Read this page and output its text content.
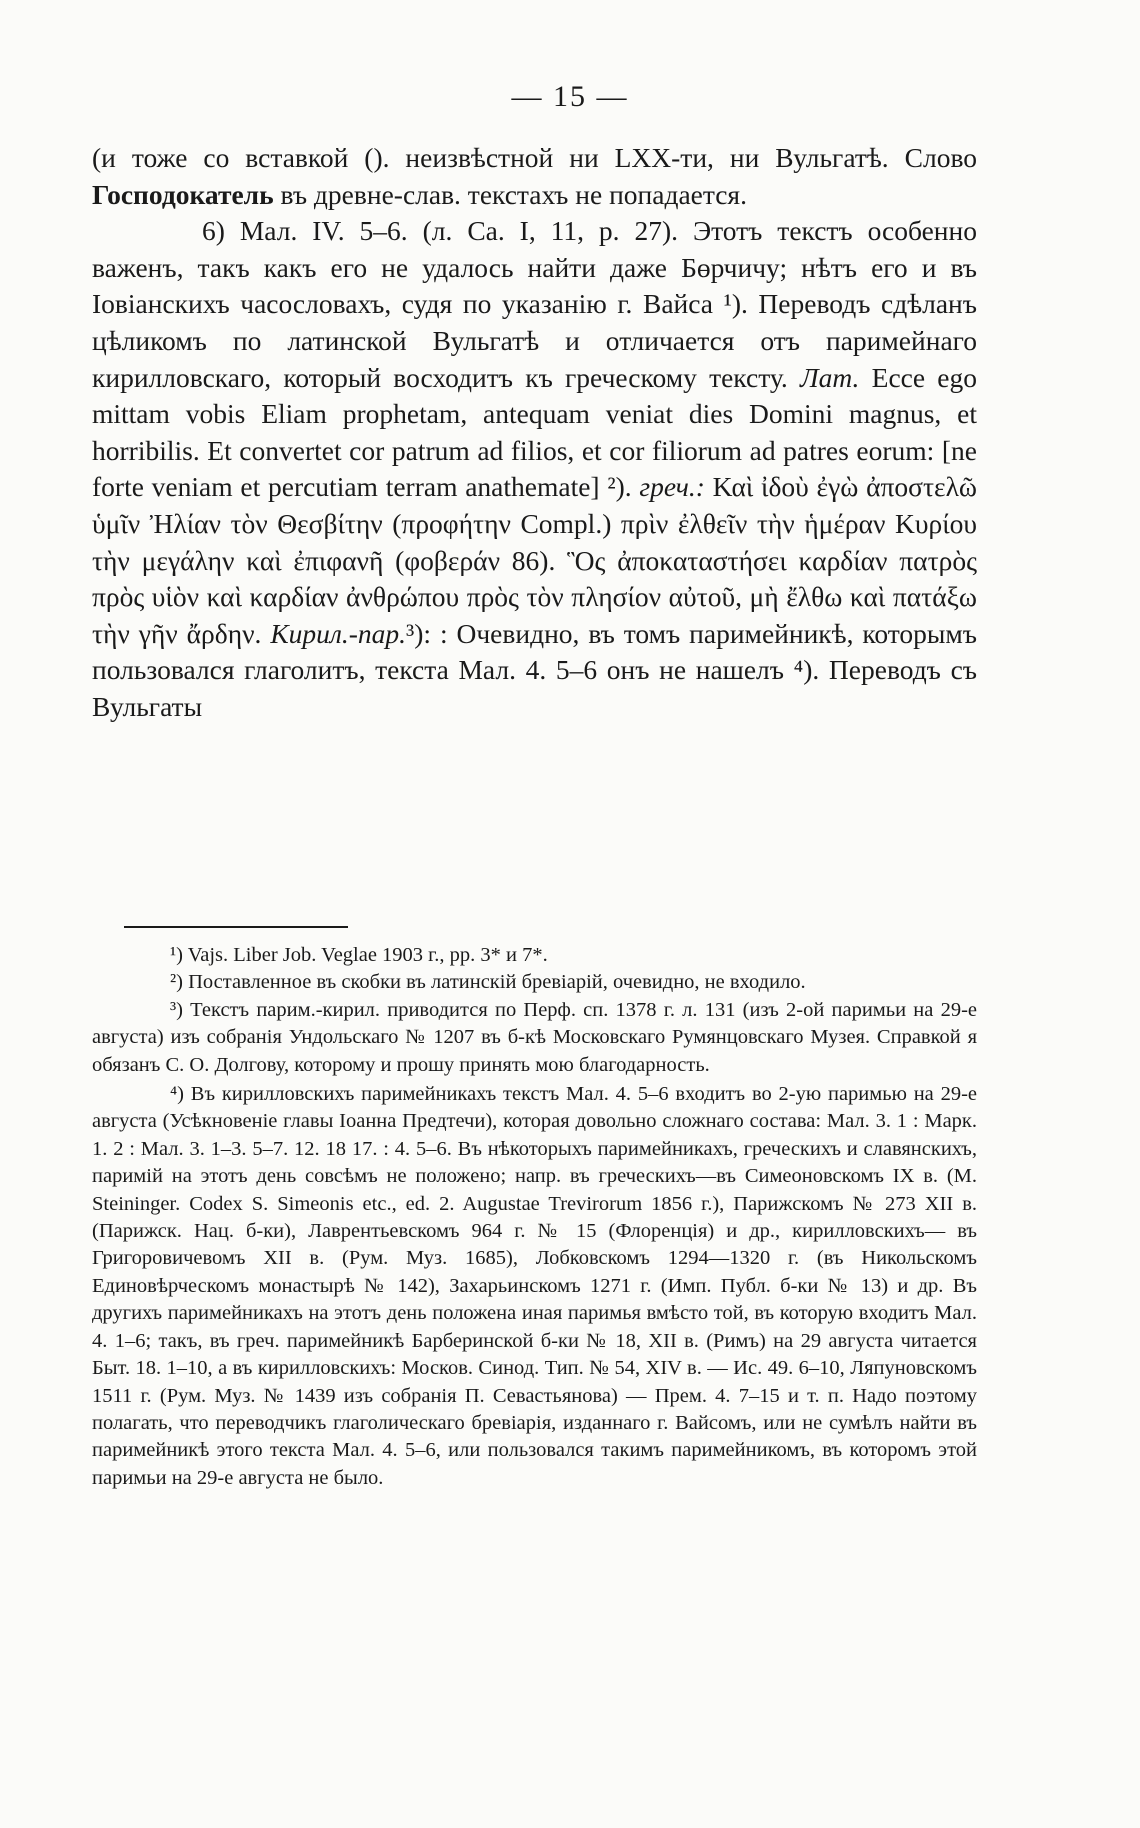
— 15 —

(и тоже со вставкой (). неизвѣстной ни LXX-ти, ни Вульгатѣ. Слово Господокатель въ древне-слав. текстахъ не попадается.

6) Мал. IV. 5–6. (л. Са. I, 11, р. 27). Этотъ текстъ особенно важенъ, такъ какъ его не удалось найти даже Бөрчичу; нѣтъ его и въ Іовіанскихъ часословахъ, судя по указанію г. Вайса ¹). Переводъ сдѣланъ цѣликомъ по латинской Вульгатѣ и отличается отъ паримейнаго кирилловскаго, который восходитъ къ греческому тексту. Лат. Ecce ego mittam vobis Eliam prophetam, antequam veniat dies Domini magnus, et horribilis. Et convertet cor patrum ad filios, et cor filiorum ad patres eorum: [ne forte veniam et percutiam terram anathemate] ²). греч.: Καὶ ἰδοὺ ἐγὼ ἀποστελῶ ὑμῖν Ἠλίαν τὸν Θεσβίτην (προφήτην Compl.) πρὶν ἐλθεῖν τὴν ἡμέραν Κυρίου τὴν μεγάλην καὶ ἐπιφανῆ (φοβεράν 86). Ὃς ἀποκαταστήσει καρδίαν πατρὸς πρὸς υἱὸν καὶ καρδίαν ἀνθρώπου πρὸς τὸν πλησίον αὐτοῦ, μὴ ἔλθω καὶ πατάξω τὴν γῆν ἄρδην. Кирил.-пар.³): : Очевидно, въ томъ паримейникѣ, которымъ пользовался глаголитъ, текста Мал. 4. 5–6 онъ не нашелъ ⁴). Переводъ съ Вульгаты

¹) Vajs. Liber Job. Veglae 1903 г., pp. 3* и 7*.

²) Поставленное въ скобки въ латинскій бревіарій, очевидно, не входило.

³) Текстъ парим.-кирил. приводится по Перф. сп. 1378 г. л. 131 (изъ 2-ой паримьи на 29-е августа) изъ собранія Ундольскаго № 1207 въ б-кѣ Московскаго Румянцовскаго Музея. Справкой я обязанъ С. О. Долгову, которому и прошу принять мою благодарность.

⁴) Въ кирилловскихъ паримейникахъ текстъ Мал. 4. 5–6 входитъ во 2-ую паримью на 29-е августа (Усѣкновеніе главы Іоанна Предтечи), которая довольно сложнаго состава: Мал. 3. 1 : Марк. 1. 2 : Мал. 3. 1–3. 5–7. 12. 18 17. : 4. 5–6. Въ нѣкоторыхъ паримейникахъ, греческихъ и славянскихъ, паримій на этотъ день совсѣмъ не положено; напр. въ греческихъ—въ Симеоновскомъ IX в. (M. Steininger. Codex S. Simeonis etc., ed. 2. Augustae Trevirorum 1856 г.), Парижскомъ № 273 XII в. (Парижск. Нац. б-ки), Лаврентьевскомъ 964 г. № 15 (Флоренція) и др., кирилловскихъ— въ Григоровичевомъ XII в. (Рум. Муз. 1685), Лобковскомъ 1294—1320 г. (въ Никольскомъ Единовѣрческомъ монастырѣ № 142), Захарьинскомъ 1271 г. (Имп. Публ. б-ки № 13) и др. Въ другихъ паримейникахъ на этотъ день положена иная паримья вмѣсто той, въ которую входитъ Мал. 4. 1–6; такъ, въ греч. паримейникѣ Барберинской б-ки № 18, XII в. (Римъ) на 29 августа читается Быт. 18. 1–10, а въ кирилловскихъ: Москов. Синод. Тип. № 54, XIV в. — Ис. 49. 6–10, Ляпуновскомъ 1511 г. (Рум. Муз. № 1439 изъ собранія П. Севастьянова) — Прем. 4. 7–15 и т. п. Надо поэтому полагать, что переводчикъ глаголическаго бревіарія, изданнаго г. Вайсомъ, или не сумѣлъ найти въ паримейникѣ этого текста Мал. 4. 5–6, или пользовался такимъ паримейникомъ, въ которомъ этой паримьи на 29-е августа не было.
